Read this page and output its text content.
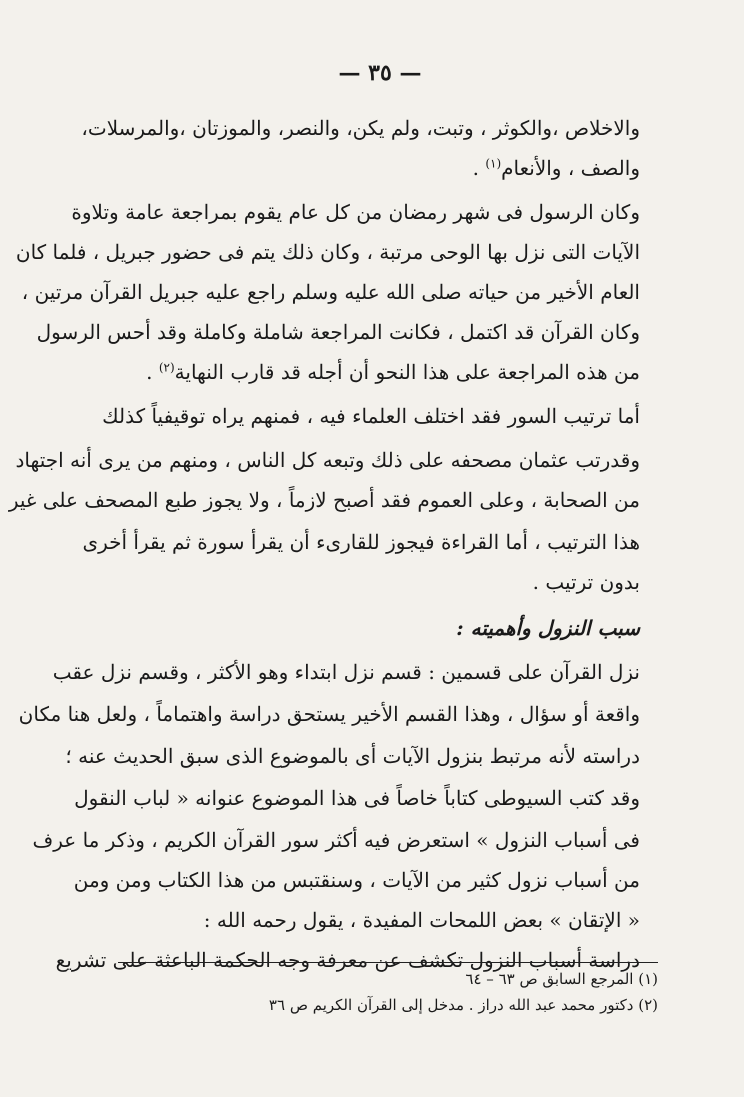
— ٣٥ —
والاخلاص ،والكوثر ، وتبت، ولم يكن، والنصر، والموزتان ،والمرسلات،
والصف ، والأنعام$^{(١)}$ .
وكان الرسول فى شهر رمضان من كل عام يقوم بمراجعة عامة وتلاوة
الآيات التى نزل بها الوحى مرتبة ، وكان ذلك يتم فى حضور جبريل ، فلما كان
العام الأخير من حياته صلى الله عليه وسلم راجع عليه جبريل القرآن مرتين ،
وكان القرآن قد اكتمل ، فكانت المراجعة شاملة وكاملة وقد أحس الرسول
من هذه المراجعة على هذا النحو أن أجله قد قارب النهاية$^{(٢)}$ .
أما ترتيب السور فقد اختلف العلماء فيه ، فمنهم يراه توقيفياً كذلك
وقدرتب عثمان مصحفه على ذلك وتبعه كل الناس ، ومنهم من يرى أنه اجتهاد
من الصحابة ، وعلى العموم فقد أصبح لازماً ، ولا يجوز طبع المصحف على غير
هذا الترتيب ، أما القراءة فيجوز للقارىء أن يقرأ سورة ثم يقرأ أخرى
بدون ترتيب .
سبب النزول وأهميته :
نزل القرآن على قسمين : قسم نزل ابتداء وهو الأكثر ، وقسم نزل عقب
واقعة أو سؤال ، وهذا القسم الأخير يستحق دراسة واهتماماً ، ولعل هنا مكان
دراسته لأنه مرتبط بنزول الآيات أى بالموضوع الذى سبق الحديث عنه ؛
وقد كتب السيوطى كتاباً خاصاً فى هذا الموضوع عنوانه « لباب النقول
فى أسباب النزول » استعرض فيه أكثر سور القرآن الكريم ، وذكر ما عرف
من أسباب نزول كثير من الآيات ، وسنقتبس من هذا الكتاب ومن ومن
« الإتقان » بعض اللمحات المفيدة ، يقول رحمه الله :
دراسة أسباب النزول تكشف عن معرفة وجه الحكمة الباعثة على تشريع
(١) المرجع السابق ص ٦٣ – ٦٤
(٢) دكتور محمد عبد الله دراز . مدخل إلى القرآن الكريم ص ٣٦
